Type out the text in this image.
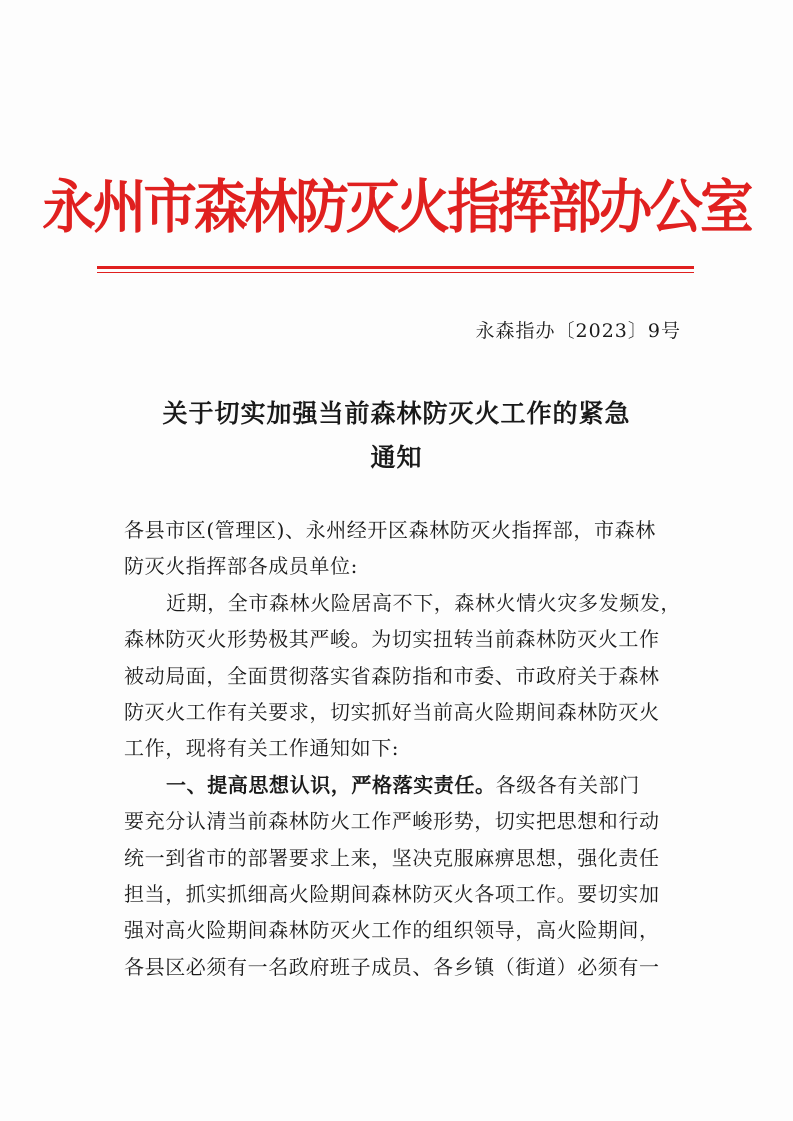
永州市森林防灭火指挥部办公室
永森指办〔2023〕9号
关于切实加强当前森林防灭火工作的紧急
通知
各县市区(管理区)、永州经开区森林防灭火指挥部，市森林
防灭火指挥部各成员单位:
近期，全市森林火险居高不下，森林火情火灾多发频发，
森林防灭火形势极其严峻。为切实扭转当前森林防灭火工作
被动局面，全面贯彻落实省森防指和市委、市政府关于森林
防灭火工作有关要求，切实抓好当前高火险期间森林防灭火
工作，现将有关工作通知如下:
一、提高思想认识，严格落实责任。各级各有关部门
要充分认清当前森林防火工作严峻形势，切实把思想和行动
统一到省市的部署要求上来，坚决克服麻痹思想，强化责任
担当，抓实抓细高火险期间森林防灭火各项工作。要切实加
强对高火险期间森林防灭火工作的组织领导，高火险期间，
各县区必须有一名政府班子成员、各乡镇（街道）必须有一
